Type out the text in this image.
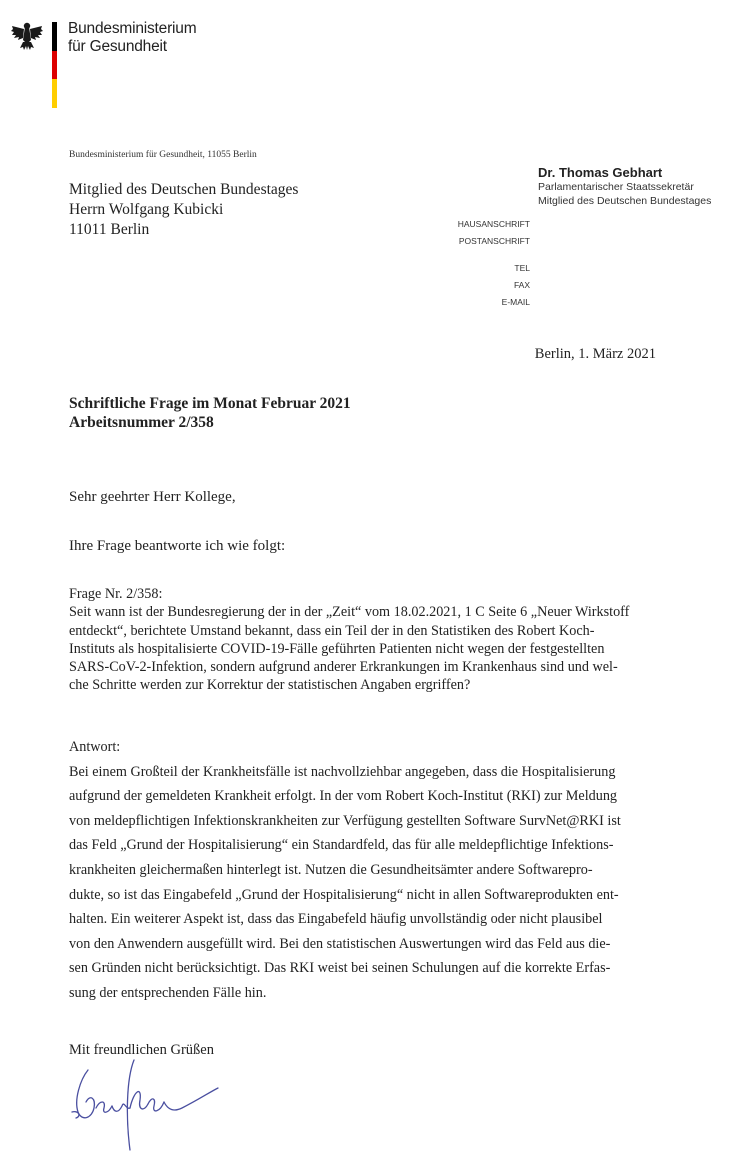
Bundesministerium
für Gesundheit
Bundesministerium für Gesundheit, 11055 Berlin
Mitglied des Deutschen Bundestages
Herrn Wolfgang Kubicki
11011 Berlin
Dr. Thomas Gebhart
Parlamentarischer Staatssekretär
Mitglied des Deutschen Bundestages
HAUSANSCHRIFT
POSTANSCHRIFT
TEL
FAX
E-MAIL
Berlin, 1. März 2021
Schriftliche Frage im Monat Februar 2021
Arbeitsnummer 2/358
Sehr geehrter Herr Kollege,
Ihre Frage beantworte ich wie folgt:
Frage Nr. 2/358:
Seit wann ist der Bundesregierung der in der „Zeit“ vom 18.02.2021, 1 C Seite 6 „Neuer Wirkstoff
entdeckt“, berichtete Umstand bekannt, dass ein Teil der in den Statistiken des Robert Koch-
Instituts als hospitalisierte COVID-19-Fälle geführten Patienten nicht wegen der festgestellten
SARS-CoV-2-Infektion, sondern aufgrund anderer Erkrankungen im Krankenhaus sind und wel-
che Schritte werden zur Korrektur der statistischen Angaben ergriffen?
Antwort:
Bei einem Großteil der Krankheitsfälle ist nachvollziehbar angegeben, dass die Hospitalisierung
aufgrund der gemeldeten Krankheit erfolgt. In der vom Robert Koch-Institut (RKI) zur Meldung
von meldepflichtigen Infektionskrankheiten zur Verfügung gestellten Software SurvNet@RKI ist
das Feld „Grund der Hospitalisierung“ ein Standardfeld, das für alle meldepflichtige Infektions-
krankheiten gleichermaßen hinterlegt ist. Nutzen die Gesundheitsämter andere Softwarepro-
dukte, so ist das Eingabefeld „Grund der Hospitalisierung“ nicht in allen Softwareprodukten ent-
halten. Ein weiterer Aspekt ist, dass das Eingabefeld häufig unvollständig oder nicht plausibel
von den Anwendern ausgefüllt wird. Bei den statistischen Auswertungen wird das Feld aus die-
sen Gründen nicht berücksichtigt. Das RKI weist bei seinen Schulungen auf die korrekte Erfas-
sung der entsprechenden Fälle hin.
Mit freundlichen Grüßen
